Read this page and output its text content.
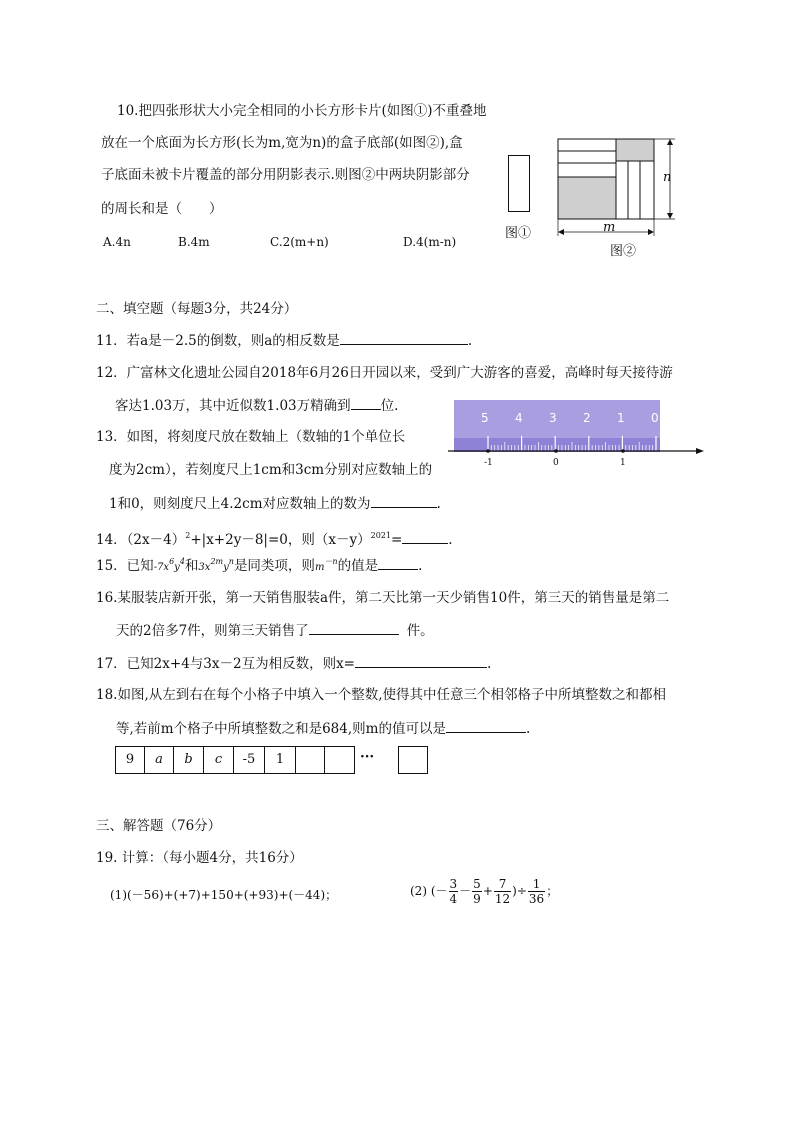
10.把四张形状大小完全相同的小长方形卡片(如图①)不重叠地
放在一个底面为长方形(长为m,宽为n)的盒子底部(如图②),盒
子底面未被卡片覆盖的部分用阴影表示.则图②中两块阴影部分
的周长和是（　　）
A.4n	B.4m	C.2(m+n)	D.4(m-n)
图①
n
m
图②
二、填空题（每题3分，共24分）
11．若a是－2.5的倒数，则a的相反数是	.
12．广富林文化遗址公园自2018年6月26日开园以来，受到广大游客的喜爱，高峰时每天接待游
客达1.03万，其中近似数1.03万精确到 位.
13．如图，将刻度尺放在数轴上（数轴的1个单位长
度为2cm），若刻度尺上1cm和3cm分别对应数轴上的
1和0，则刻度尺上4.2cm对应数轴上的数为	.
5 4 3 2 1 0
-1	0	1
14．$(2x-4)^2+|x+2y-8|=0$，则$(x-y)^{2021}=$	.
15．已知$-7x^6y^4$和$3x^{2m}y^n$是同类项，则$m^{-n}$的值是	.
16.某服装店新开张，第一天销售服装a件，第二天比第一天少销售10件，第三天的销售量是第二
天的2倍多7件，则第三天销售了	件。
17．已知2x+4与3x－2互为相反数，则x=	.
18.如图,从左到右在每个小格子中填入一个整数,使得其中任意三个相邻格子中所填整数之和都相
等,若前m个格子中所填整数之和是684,则m的值可以是	.
9	a	b	c	-5	1	···
三、解答题（76分）
19. 计算：（每小题4分，共16分）
(1)(－56)+(+7)+150+(+93)+(－44)；	(2) (－ $\frac{3}{4} - \frac{5}{9} + \frac{7}{12}$ )÷ $\frac{1}{36}$ ；
